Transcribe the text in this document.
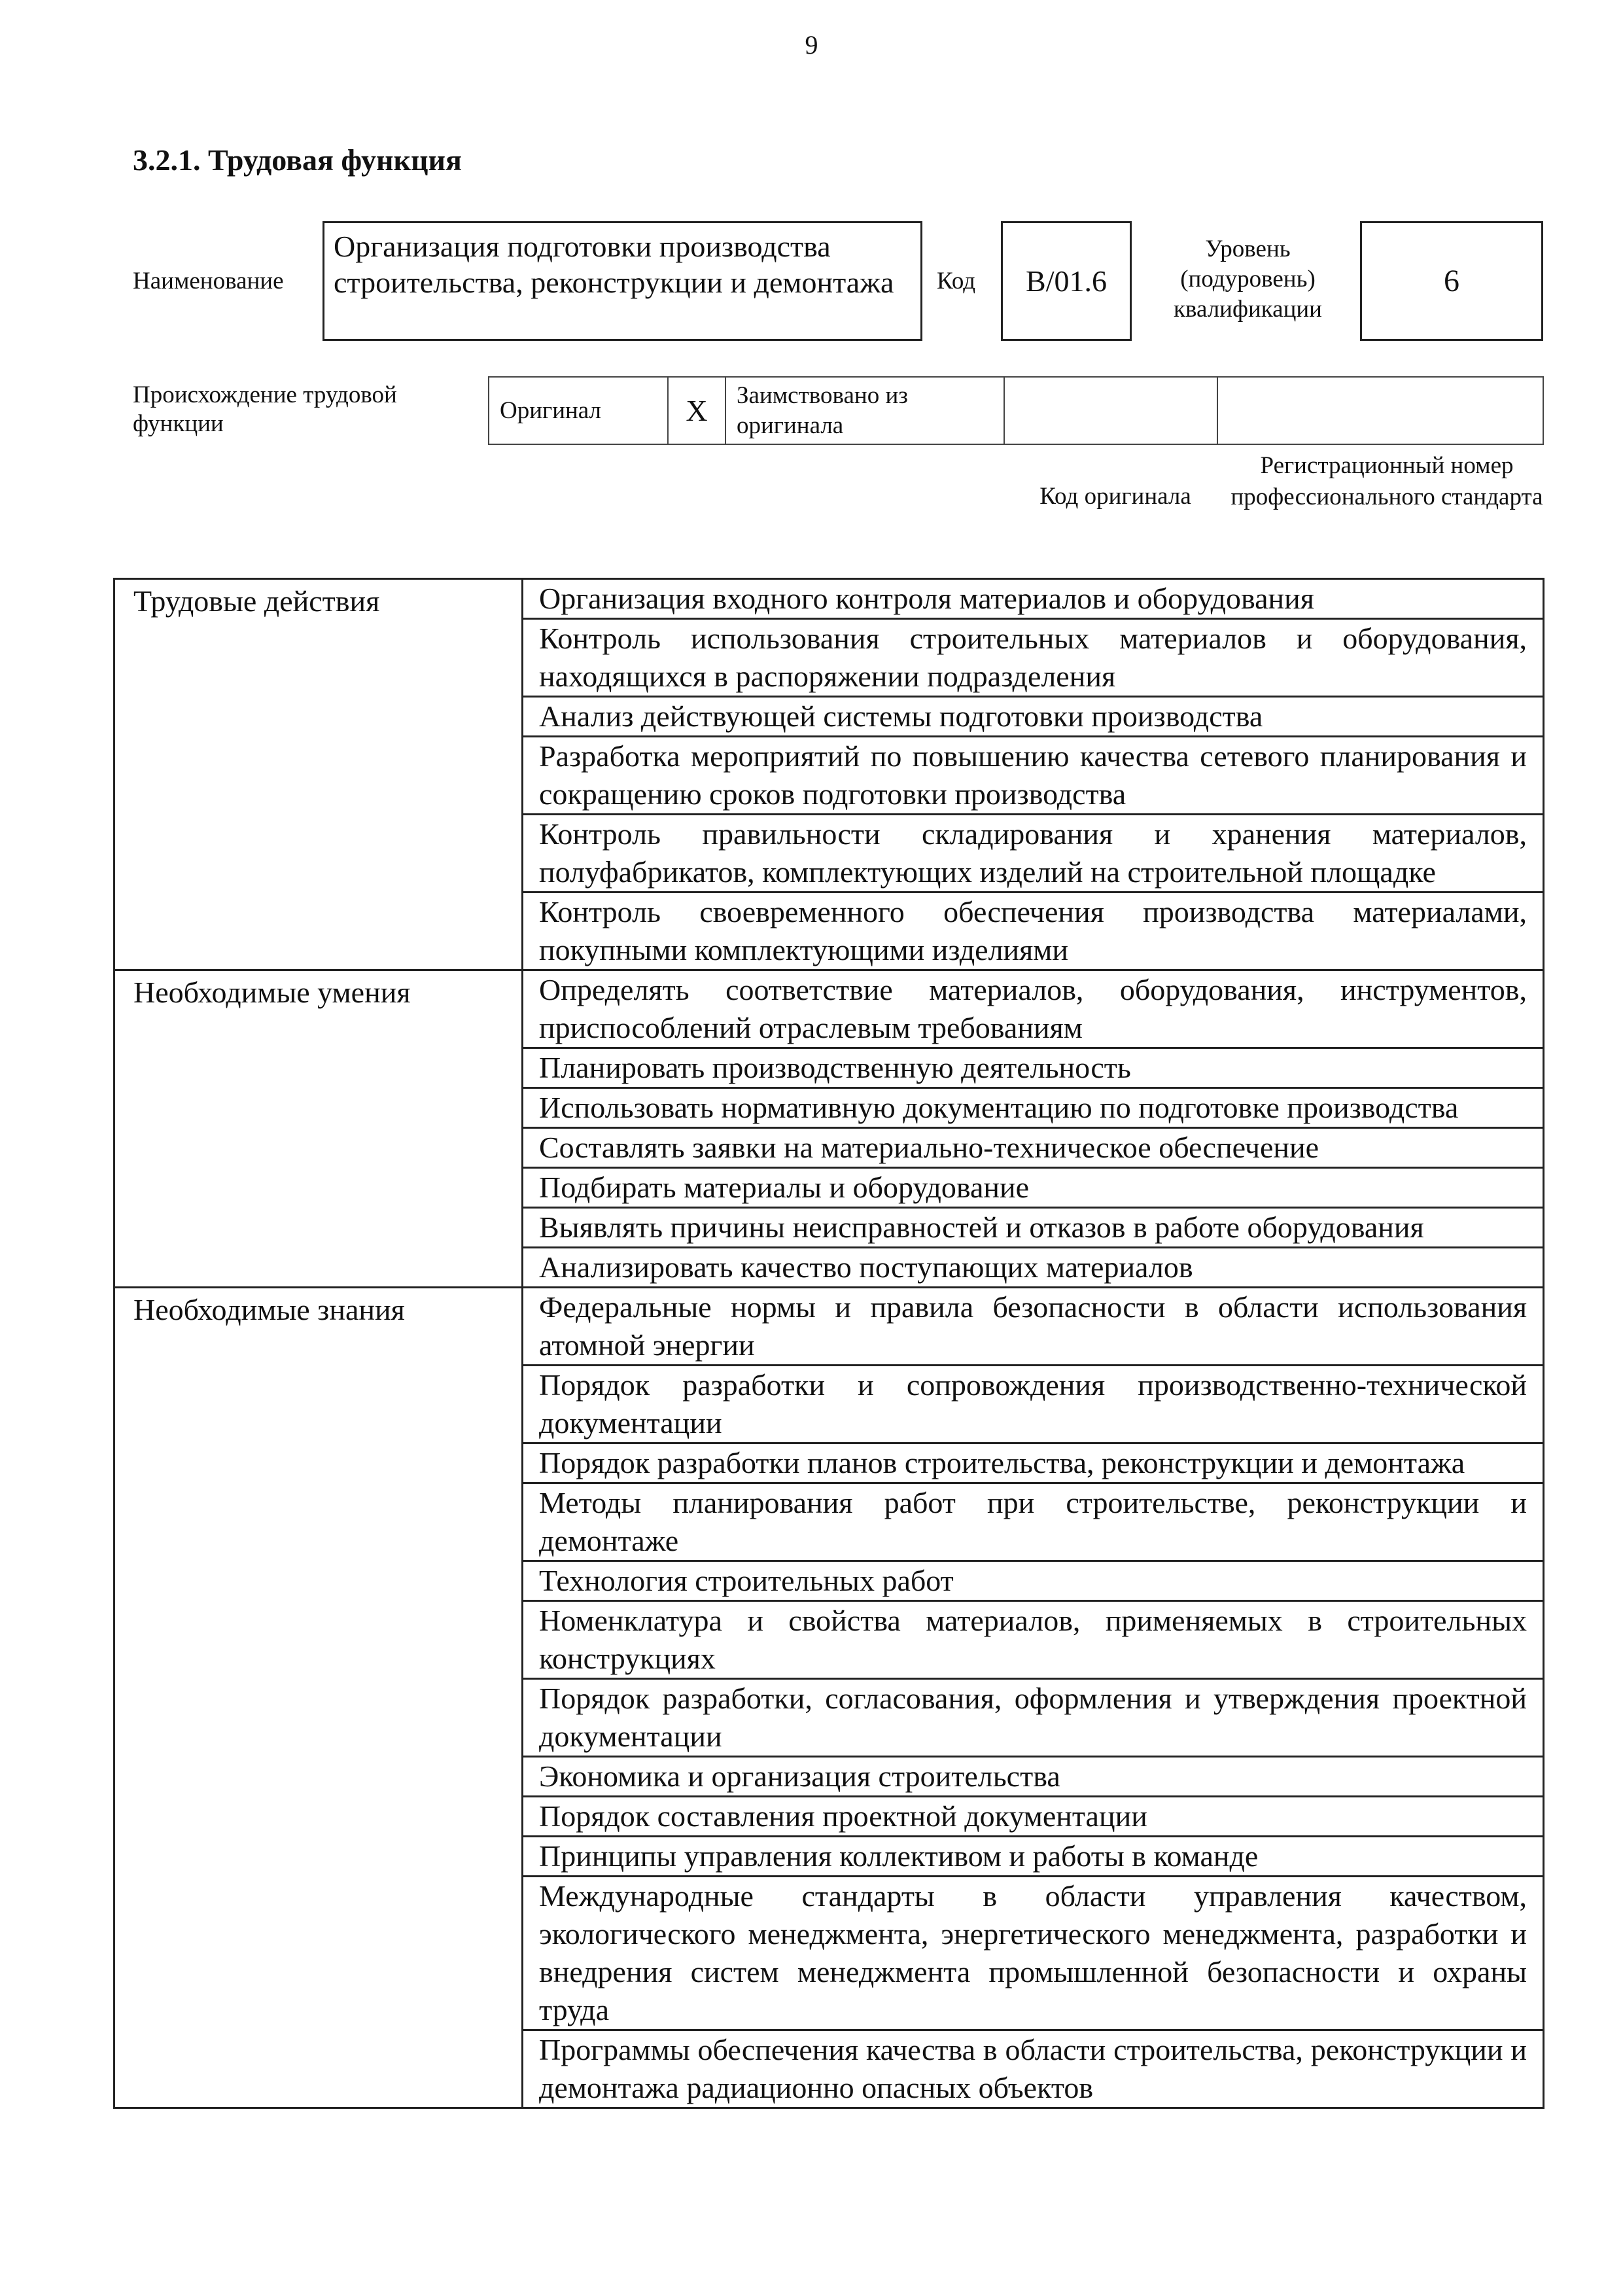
9
3.2.1. Трудовая функция
Наименование
Организация подготовки производства строительства, реконструкции и демонтажа	Код	B/01.6
Уровень (подуровень) квалификации
6
Происхождение трудовой функции	Оригинал	X	Заимствовано из оригинала		
Код оригинала
Регистрационный номер профессионального стандарта
Трудовые действия	Организация входного контроля материалов и оборудования
	Контроль использования строительных материалов и оборудования, находящихся в распоряжении подразделения
	Анализ действующей системы подготовки производства
	Разработка мероприятий по повышению качества сетевого планирования и сокращению сроков подготовки производства
	Контроль правильности складирования и хранения материалов, полуфабрикатов, комплектующих изделий на строительной площадке
	Контроль своевременного обеспечения производства материалами, покупными комплектующими изделиями
Необходимые умения	Определять соответствие материалов, оборудования, инструментов, приспособлений отраслевым требованиям
	Планировать производственную деятельность
	Использовать нормативную документацию по подготовке производства
	Составлять заявки на материально-техническое обеспечение
	Подбирать материалы и оборудование
	Выявлять причины неисправностей и отказов в работе оборудования
	Анализировать качество поступающих материалов
Необходимые знания	Федеральные нормы и правила безопасности в области использования атомной энергии
	Порядок разработки и сопровождения производственно-технической документации
	Порядок разработки планов строительства, реконструкции и демонтажа
	Методы планирования работ при строительстве, реконструкции и демонтаже
	Технология строительных работ
	Номенклатура и свойства материалов, применяемых в строительных конструкциях
	Порядок разработки, согласования, оформления и утверждения проектной документации
	Экономика и организация строительства
	Порядок составления проектной документации
	Принципы управления коллективом и работы в команде
	Международные стандарты в области управления качеством, экологического менеджмента, энергетического менеджмента, разработки и внедрения систем менеджмента промышленной безопасности и охраны труда
	Программы обеспечения качества в области строительства, реконструкции и демонтажа радиационно опасных объектов
